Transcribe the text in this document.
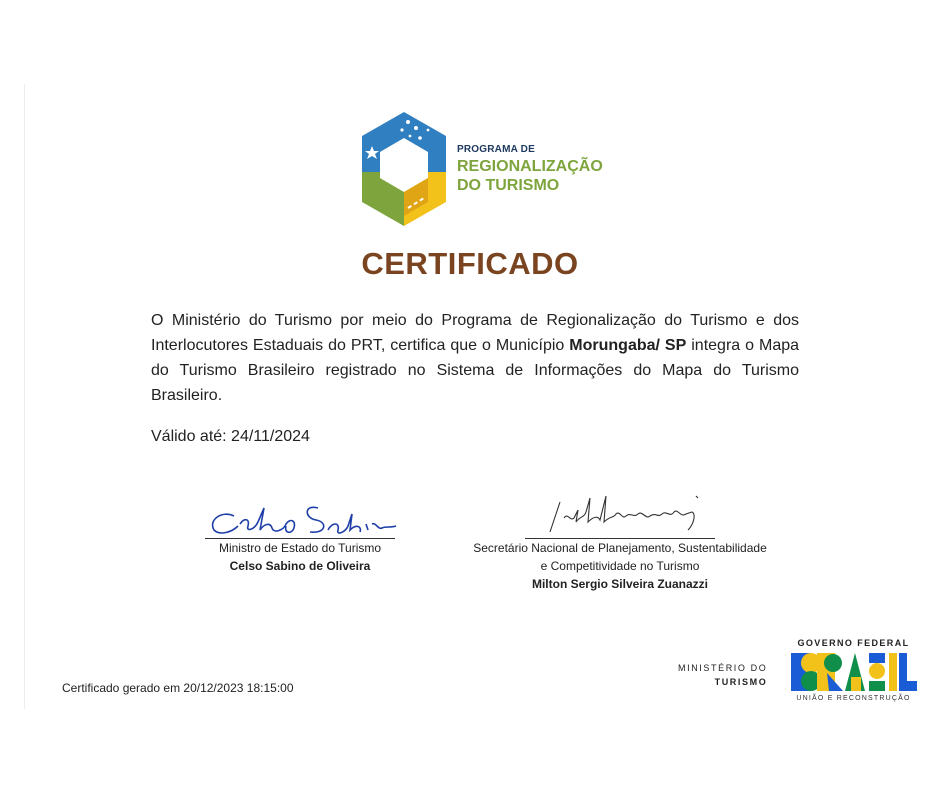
PROGRAMA DE
REGIONALIZAÇÃO
DO TURISMO
CERTIFICADO
O Ministério do Turismo por meio do Programa de Regionalização do Turismo e dos Interlocutores Estaduais do PRT, certifica que o Município Morungaba/ SP integra o Mapa do Turismo Brasileiro registrado no Sistema de Informações do Mapa do Turismo Brasileiro.
Válido até: 24/11/2024
Ministro de Estado do Turismo
Celso Sabino de Oliveira
Secretário Nacional de Planejamento, Sustentabilidade
e Competitividade no Turismo
Milton Sergio Silveira Zuanazzi
Certificado gerado em 20/12/2023 18:15:00
MINISTÉRIO DO
TURISMO
GOVERNO FEDERAL
UNIÃO E RECONSTRUÇÃO
